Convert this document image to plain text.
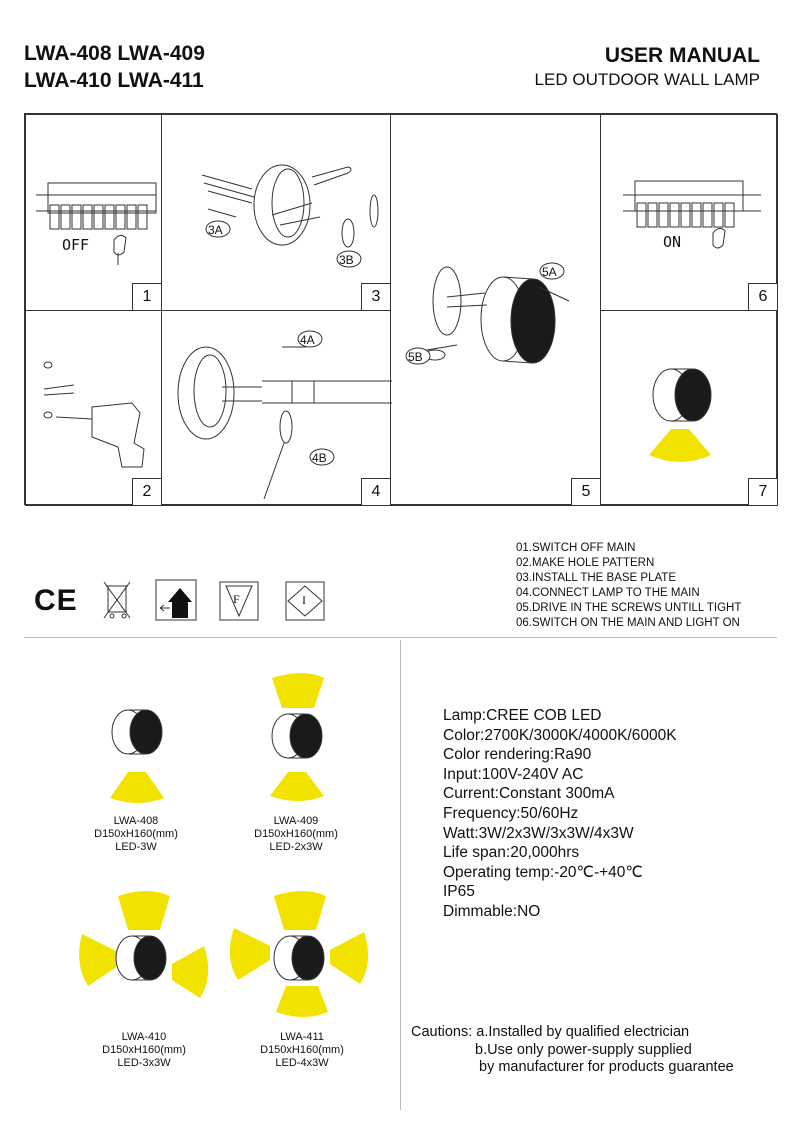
LWA-408 LWA-409
LWA-410 LWA-411
USER MANUAL
LED OUTDOOR WALL LAMP
OFF
1
3A
3B
3
5A
5B
5
ON
6
2
4A
4B
4	7
01.SWITCH OFF MAIN
02.MAKE HOLE PATTERN
03.INSTALL THE BASE PLATE
04.CONNECT LAMP TO THE MAIN
05.DRIVE IN THE SCREWS UNTILL TIGHT
06.SWITCH ON THE MAIN AND LIGHT ON
CE	F	I
LWA-408
D150xH160(mm)
LED-3W
LWA-409
D150xH160(mm)
LED-2x3W
LWA-410
D150xH160(mm)
LED-3x3W
LWA-411
D150xH160(mm)
LED-4x3W
Lamp:CREE COB LED
Color:2700K/3000K/4000K/6000K
Color rendering:Ra90
Input:100V-240V AC
Current:Constant 300mA
Frequency:50/60Hz
Watt:3W/2x3W/3x3W/4x3W
Life span:20,000hrs
Operating temp:-20℃-+40℃
IP65
Dimmable:NO
Cautions: a.Installed by qualified electrician
b.Use only power-supply supplied
by manufacturer for products guarantee
